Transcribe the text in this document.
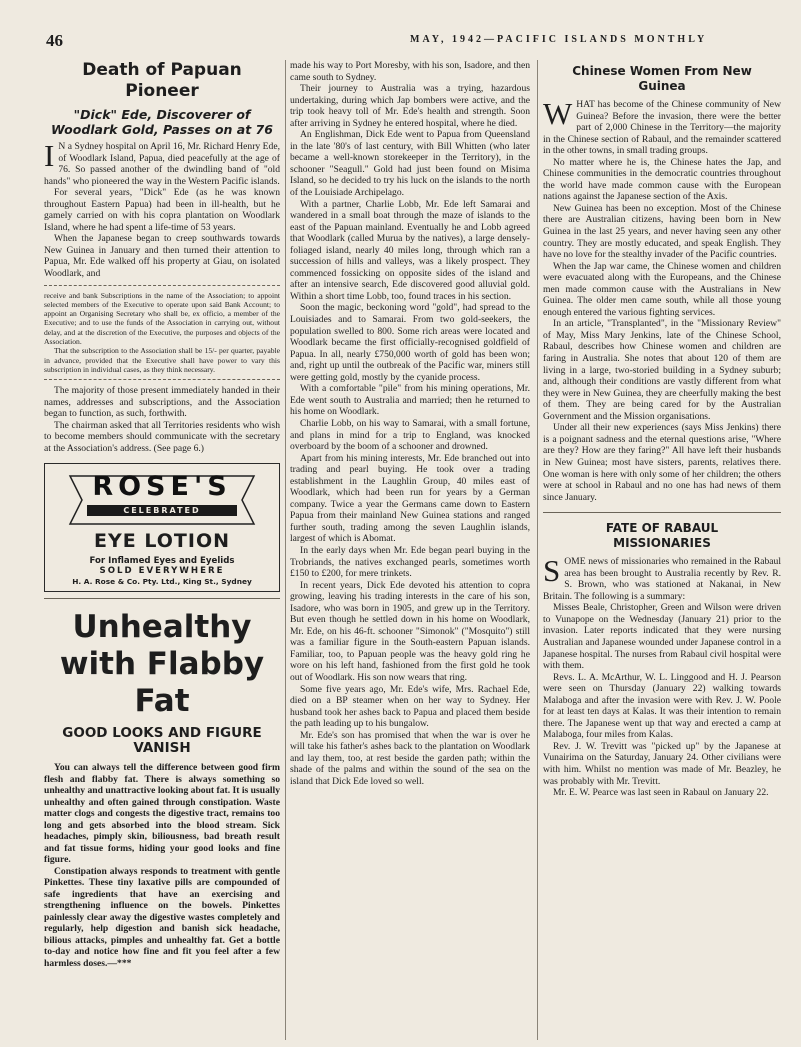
46	MAY, 1942—PACIFIC ISLANDS MONTHLY
Death of Papuan Pioneer
"Dick" Ede, Discoverer of Woodlark Gold, Passes on at 76

I N a Sydney hospital on April 16, Mr. Richard Henry Ede, of Woodlark Island, Papua, died peacefully at the age of 76. So passed another of the dwindling band of "old hands" who pioneered the way in the Western Pacific islands.

For several years, "Dick" Ede (as he was known throughout Eastern Papua) had been in ill-health, but he gamely carried on with his copra plantation on Woodlark Island, where he had spent a life-time of 53 years.

When the Japanese began to creep southwards towards New Guinea in January and then turned their attention to Papua, Mr. Ede walked off his property at Giau, on isolated Woodlark, and

receive and bank Subscriptions in the name of the Association; to appoint selected members of the Executive to operate upon said Bank Account; to appoint an Organising Secretary who shall be, ex officio, a member of the Executive; and to use the funds of the Association in carrying out, without delay, and at the discretion of the Executive, the purposes and objects of the Association.

That the subscription to the Association shall be 15/- per quarter, payable in advance, provided that the Executive shall have power to vary this subscription in individual cases, as they think necessary.

The majority of those present immediately handed in their names, addresses and subscriptions, and the Association began to function, as such, forthwith.

The chairman asked that all Territories residents who wish to become members should communicate with the secretary at the Association's address. (See page 6.)

ROSE'S
CELEBRATED
EYE LOTION

For Inflamed Eyes and Eyelids

SOLD EVERYWHERE

H. A. Rose & Co. Pty. Ltd., King St., Sydney

Unhealthy with Flabby Fat
GOOD LOOKS AND FIGURE VANISH

You can always tell the difference between good firm flesh and flabby fat. There is always something so unhealthy and unattractive looking about fat. It is usually unhealthy and often gained through constipation. Waste matter clogs and congests the digestive tract, remains too long and gets absorbed into the blood stream. Sick headaches, pimply skin, biliousness, bad breath result and fat tissue forms, hiding your good looks and fine figure.

Constipation always responds to treatment with gentle Pinkettes. These tiny laxative pills are compounded of safe ingredients that have an exercising and strengthening influence on the bowels. Pinkettes painlessly clear away the digestive wastes completely and regularly, help digestion and banish sick headache, bilious attacks, pimples and unhealthy fat. Get a bottle to-day and notice how fine and fit you feel after a few harmless doses.—***

made his way to Port Moresby, with his son, Isadore, and then came south to Sydney.

Their journey to Australia was a trying, hazardous undertaking, during which Jap bombers were active, and the trip took heavy toll of Mr. Ede's health and strength. Soon after arriving in Sydney he entered hospital, where he died.

An Englishman, Dick Ede went to Papua from Queensland in the late '80's of last century, with Bill Whitten (who later became a well-known storekeeper in the Territory), in the schooner "Seagull." Gold had just been found on Misima Island, so he decided to try his luck on the islands to the north of the Louisiade Archipelago.

With a partner, Charlie Lobb, Mr. Ede left Samarai and wandered in a small boat through the maze of islands to the east of the Papuan mainland. Eventually he and Lobb agreed that Woodlark (called Murua by the natives), a large densely-foliaged island, nearly 40 miles long, through which ran a succession of hills and valleys, was a likely prospect. They commenced fossicking on opposite sides of the island and after an intensive search, Ede discovered good alluvial gold. Within a short time Lobb, too, found traces in his section.

Soon the magic, beckoning word "gold", had spread to the Louisiades and to Samarai. From two gold-seekers, the population swelled to 800. Some rich areas were located and Woodlark became the first officially-recognised goldfield of Papua. In all, nearly £750,000 worth of gold has been won; and, right up until the outbreak of the Pacific war, miners still were getting gold, mostly by the cyanide process.

With a comfortable "pile" from his mining operations, Mr. Ede went south to Australia and married; then he returned to his home on Woodlark.

Charlie Lobb, on his way to Samarai, with a small fortune, and plans in mind for a trip to England, was knocked overboard by the boom of a schooner and drowned.

Apart from his mining interests, Mr. Ede branched out into trading and pearl buying. He took over a trading establishment in the Laughlin Group, 40 miles east of Woodlark, which had been run for years by a German company. Twice a year the Germans came down to Eastern Papua from their mainland New Guinea stations and ranged further south, trading among the seven Laughlin islands, largest of which is Abomat.

In the early days when Mr. Ede began pearl buying in the Trobriands, the natives exchanged pearls, sometimes worth £150 to £200, for mere trinkets.

In recent years, Dick Ede devoted his attention to copra growing, leaving his trading interests in the care of his son, Isadore, who was born in 1905, and grew up in the Territory. But even though he settled down in his home on Woodlark, Mr. Ede, on his 46-ft. schooner "Simonok" ("Mosquito") still was a familiar figure in the South-eastern Papuan islands. Familiar, too, to Papuan people was the heavy gold ring he wore on his left hand, fashioned from the first gold he took out of Woodlark. His son now wears that ring.

Some five years ago, Mr. Ede's wife, Mrs. Rachael Ede, died on a BP steamer when on her way to Sydney. Her husband took her ashes back to Papua and placed them beside the path leading up to his bungalow.

Mr. Ede's son has promised that when the war is over he will take his father's ashes back to the plantation on Woodlark and lay them, too, at rest beside the garden path; within the shade of the palms and within the sound of the sea on the island that Dick Ede loved so well.

Chinese Women From New Guinea

WHAT has become of the Chinese community of New Guinea? Before the invasion, there were the better part of 2,000 Chinese in the Territory—the majority in the Chinese section of Rabaul, and the remainder scattered in the other towns, in small trading groups.

No matter where he is, the Chinese hates the Jap, and Chinese communities in the democratic countries throughout the world have made common cause with the European nations against the Japanese section of the Axis.

New Guinea has been no exception. Most of the Chinese there are Australian citizens, having been born in New Guinea in the last 25 years, and never having seen any other country. They are mostly educated, and speak English. They have no love for the stealthy invader of the Pacific countries.

When the Jap war came, the Chinese women and children were evacuated along with the Europeans, and the Chinese men made common cause with the Australians in New Guinea. The older men came south, while all those young enough entered the various fighting services.

In an article, "Transplanted", in the "Missionary Review" of May, Miss Mary Jenkins, late of the Chinese School, Rabaul, describes how Chinese women and children are faring in Australia. She notes that about 120 of them are living in a large, two-storied building in a Sydney suburb; and, although their conditions are vastly different from what they were in New Guinea, they are cheerfully making the best of them. They are being cared for by the Australian Government and the Mission organisations.

Under all their new experiences (says Miss Jenkins) there is a poignant sadness and the eternal questions arise, "Where are they? How are they faring?" All have left their husbands in New Guinea; most have sisters, parents, relatives there. One woman is here with only some of her children; the others were at school in Rabaul and no one has had news of them since January.

FATE OF RABAUL MISSIONARIES

SOME news of missionaries who remained in the Rabaul area has been brought to Australia recently by Rev. R. S. Brown, who was stationed at Nakanai, in New Britain. The following is a summary:

Misses Beale, Christopher, Green and Wilson were driven to Vunapope on the Wednesday (January 21) prior to the invasion. Later reports indicated that they were nursing Australian and Japanese wounded under Japanese control in a Japanese hospital. The nurses from Rabaul civil hospital were with them.

Revs. L. A. McArthur, W. L. Linggood and H. J. Pearson were seen on Thursday (January 22) walking towards Malaboga and after the invasion were with Rev. J. W. Poole for at least ten days at Kalas. It was their intention to remain there. The Japanese went up that way and erected a camp at Malaboga, four miles from Kalas.

Rev. J. W. Trevitt was "picked up" by the Japanese at Vunairima on the Saturday, January 24. Other civilians were with him. Whilst no mention was made of Mr. Beazley, he was probably with Mr. Trevitt.

Mr. E. W. Pearce was last seen in Rabaul on January 22.
